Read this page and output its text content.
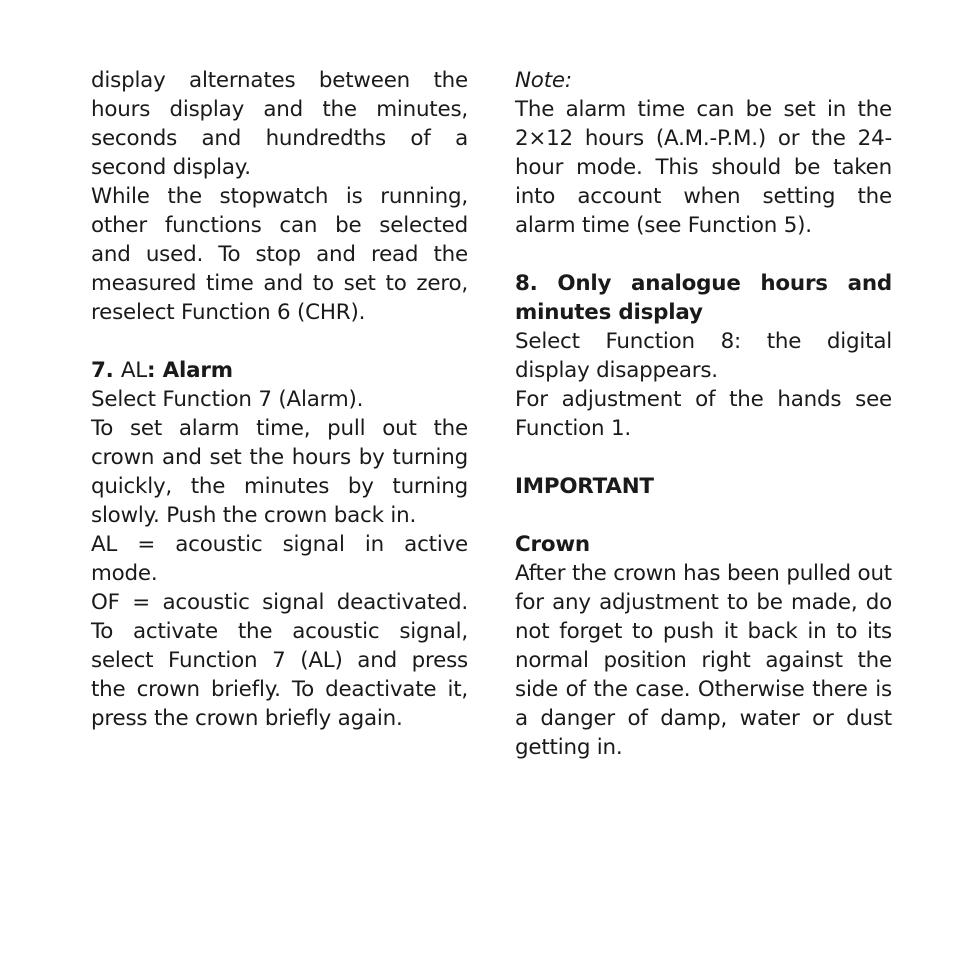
display alternates between the hours display and the minutes, seconds and hundredths of a second display.

While the stopwatch is running, other functions can be selected and used. To stop and read the measured time and to set to zero, reselect Function 6 (CHR).

7. AL: Alarm

Select Function 7 (Alarm).

To set alarm time, pull out the crown and set the hours by turning quickly, the minutes by turning slowly. Push the crown back in.

AL = acoustic signal in active mode.

OF = acoustic signal deactivated. To activate the acoustic signal, select Function 7 (AL) and press the crown briefly. To deactivate it, press the crown briefly again.

Note:

The alarm time can be set in the 2×12 hours (A.M.-P.M.) or the 24-hour mode. This should be taken into account when setting the alarm time (see Function 5).

8. Only analogue hours and minutes display

Select Function 8: the digital display disappears.

For adjustment of the hands see Function 1.

IMPORTANT

Crown

After the crown has been pulled out for any adjustment to be made, do not forget to push it back in to its normal position right against the side of the case. Otherwise there is a danger of damp, water or dust getting in.
